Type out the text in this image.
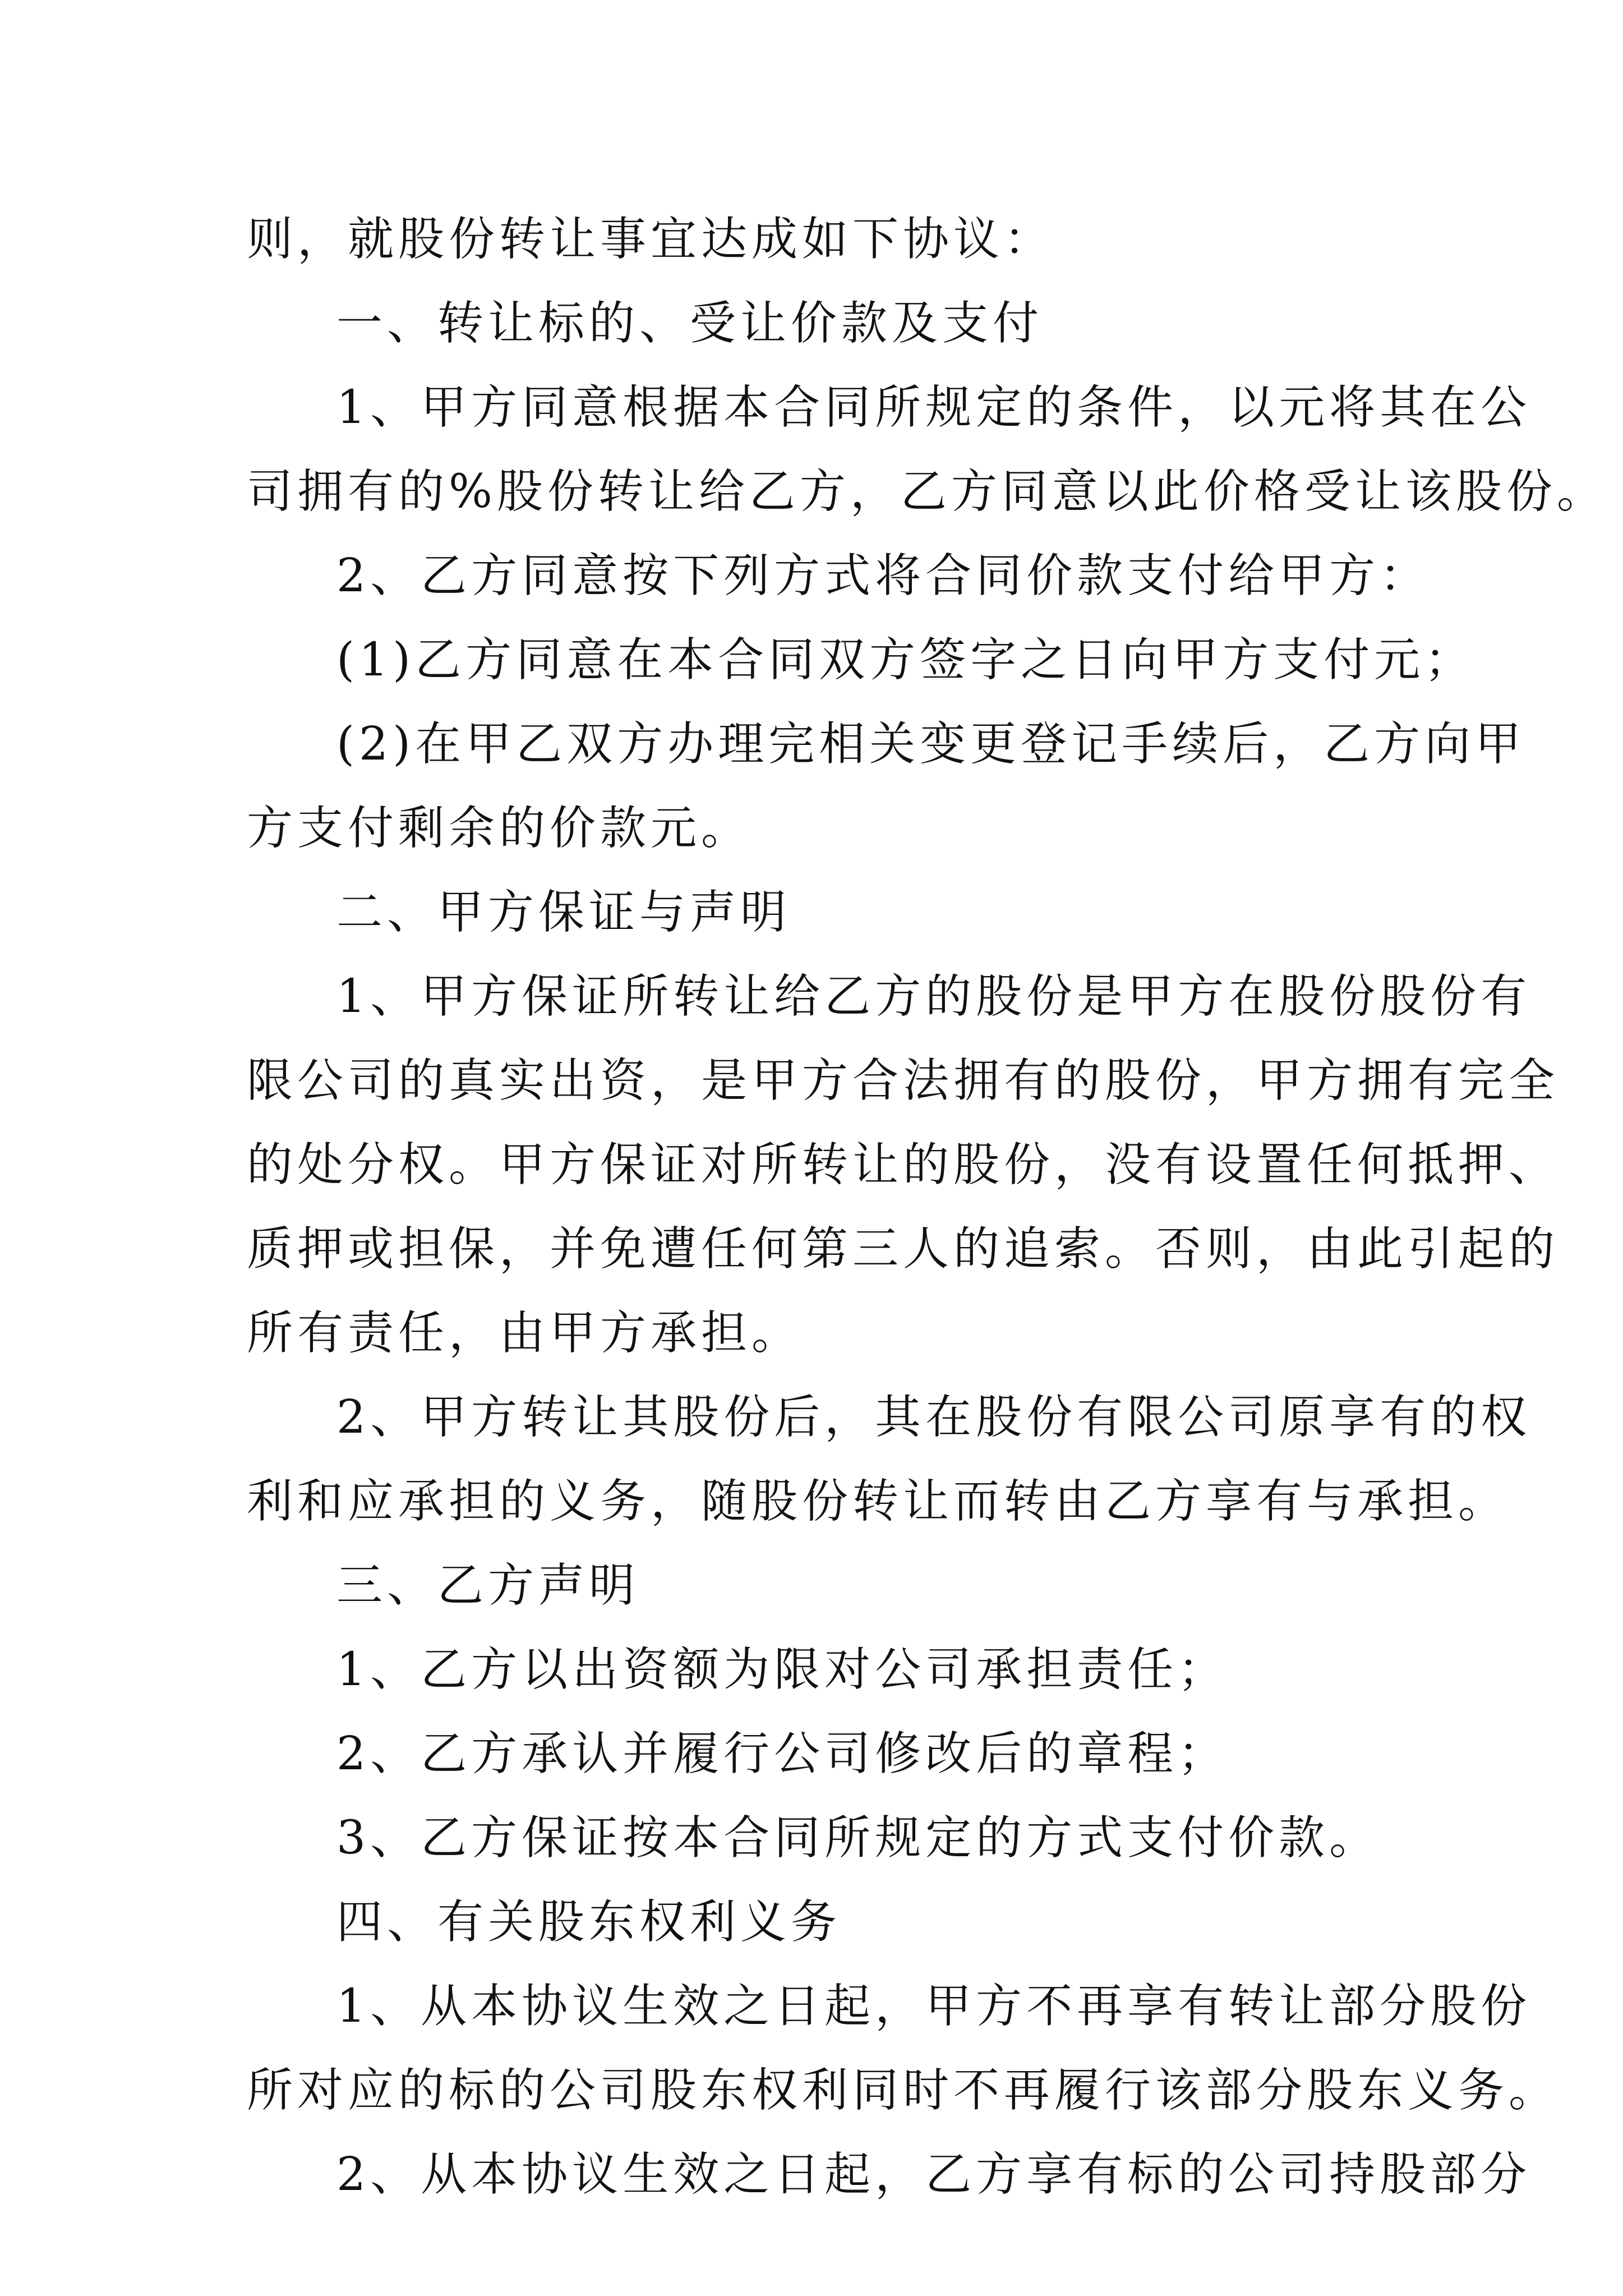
则，就股份转让事宜达成如下协议：
一、转让标的、受让价款及支付
1、甲方同意根据本合同所规定的条件，以元将其在公
司拥有的%股份转让给乙方，乙方同意以此价格受让该股份。
2、乙方同意按下列方式将合同价款支付给甲方：
(1)乙方同意在本合同双方签字之日向甲方支付元；
(2)在甲乙双方办理完相关变更登记手续后，乙方向甲
方支付剩余的价款元。
二、甲方保证与声明
1、甲方保证所转让给乙方的股份是甲方在股份股份有
限公司的真实出资，是甲方合法拥有的股份，甲方拥有完全
的处分权。甲方保证对所转让的股份，没有设置任何抵押、
质押或担保，并免遭任何第三人的追索。否则，由此引起的
所有责任，由甲方承担。
2、甲方转让其股份后，其在股份有限公司原享有的权
利和应承担的义务，随股份转让而转由乙方享有与承担。
三、乙方声明
1、乙方以出资额为限对公司承担责任；
2、乙方承认并履行公司修改后的章程；
3、乙方保证按本合同所规定的方式支付价款。
四、有关股东权利义务
1、从本协议生效之日起，甲方不再享有转让部分股份
所对应的标的公司股东权利同时不再履行该部分股东义务。
2、从本协议生效之日起，乙方享有标的公司持股部分
